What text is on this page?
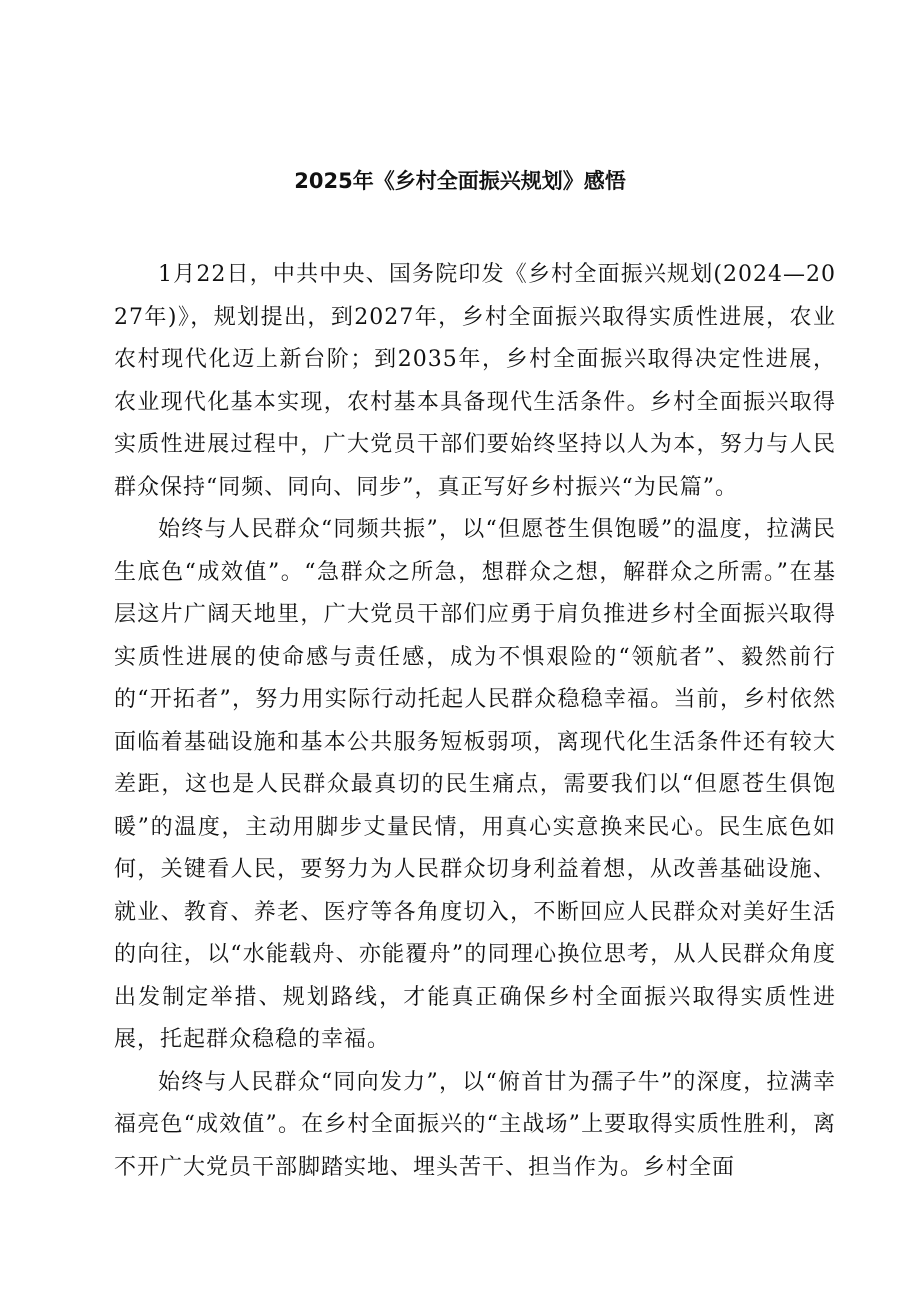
2025年《乡村全面振兴规划》感悟

1月22日，中共中央、国务院印发《乡村全面振兴规划(2024—2027年)》，规划提出，到2027年，乡村全面振兴取得实质性进展，农业农村现代化迈上新台阶；到2035年，乡村全面振兴取得决定性进展，农业现代化基本实现，农村基本具备现代生活条件。乡村全面振兴取得实质性进展过程中，广大党员干部们要始终坚持以人为本，努力与人民群众保持“同频、同向、同步”，真正写好乡村振兴“为民篇”。

始终与人民群众“同频共振”，以“但愿苍生俱饱暖”的温度，拉满民生底色“成效值”。“急群众之所急，想群众之想，解群众之所需。”在基层这片广阔天地里，广大党员干部们应勇于肩负推进乡村全面振兴取得实质性进展的使命感与责任感，成为不惧艰险的“领航者”、毅然前行的“开拓者”，努力用实际行动托起人民群众稳稳幸福。当前，乡村依然面临着基础设施和基本公共服务短板弱项，离现代化生活条件还有较大差距，这也是人民群众最真切的民生痛点，需要我们以“但愿苍生俱饱暖”的温度，主动用脚步丈量民情，用真心实意换来民心。民生底色如何，关键看人民，要努力为人民群众切身利益着想，从改善基础设施、就业、教育、养老、医疗等各角度切入，不断回应人民群众对美好生活的向往，以“水能载舟、亦能覆舟”的同理心换位思考，从人民群众角度出发制定举措、规划路线，才能真正确保乡村全面振兴取得实质性进展，托起群众稳稳的幸福。

始终与人民群众“同向发力”，以“俯首甘为孺子牛”的深度，拉满幸福亮色“成效值”。在乡村全面振兴的“主战场”上要取得实质性胜利，离不开广大党员干部脚踏实地、埋头苦干、担当作为。乡村全面
